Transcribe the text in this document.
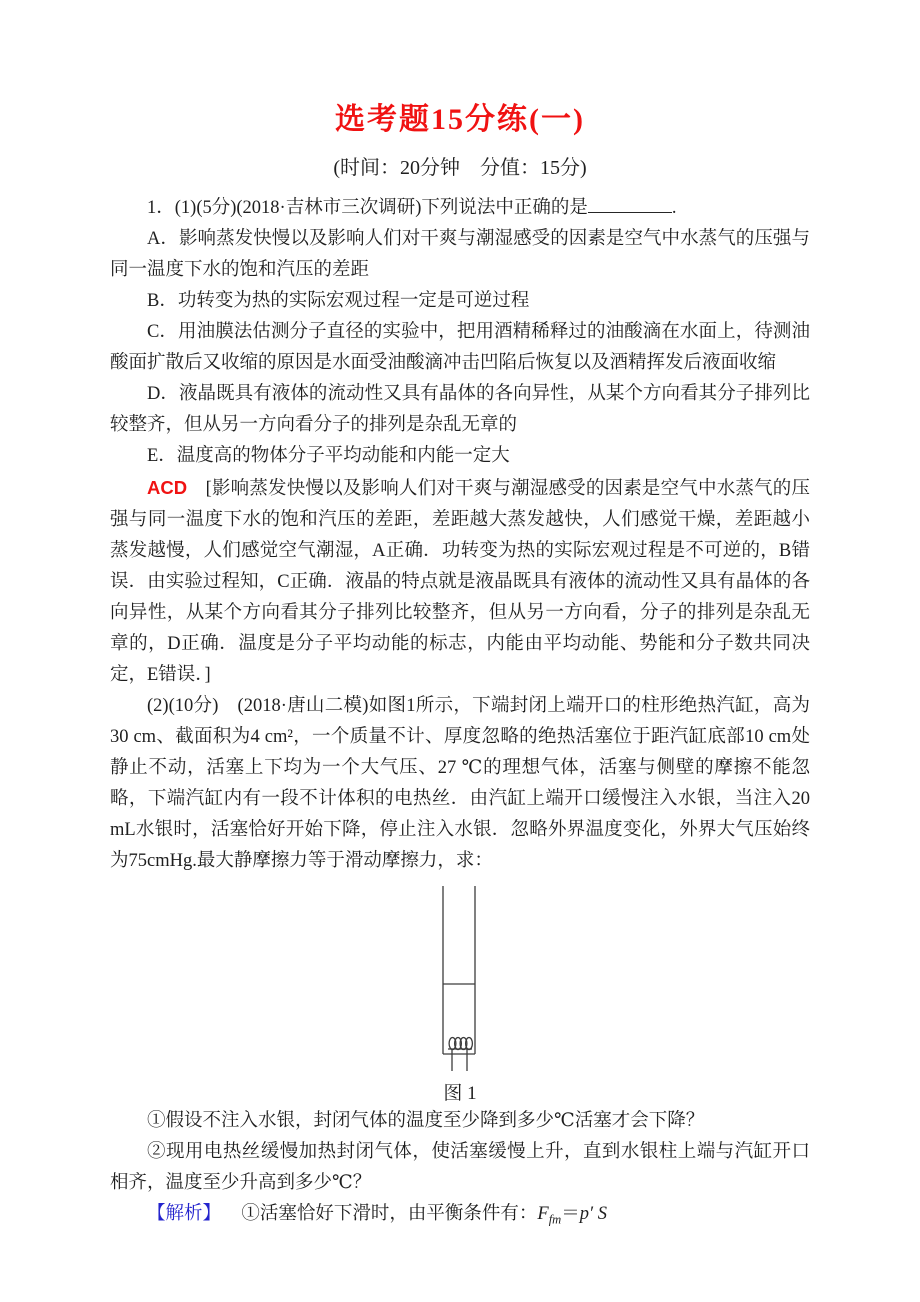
选考题15分练(一)
(时间：20分钟　分值：15分)

1．(1)(5分)(2018·吉林市三次调研)下列说法中正确的是	.

A．影响蒸发快慢以及影响人们对干爽与潮湿感受的因素是空气中水蒸气的压强与同一温度下水的饱和汽压的差距

B．功转变为热的实际宏观过程一定是可逆过程

C．用油膜法估测分子直径的实验中，把用酒精稀释过的油酸滴在水面上，待测油酸面扩散后又收缩的原因是水面受油酸滴冲击凹陷后恢复以及酒精挥发后液面收缩

D．液晶既具有液体的流动性又具有晶体的各向异性，从某个方向看其分子排列比较整齐，但从另一方向看分子的排列是杂乱无章的

E．温度高的物体分子平均动能和内能一定大

ACD [影响蒸发快慢以及影响人们对干爽与潮湿感受的因素是空气中水蒸气的压强与同一温度下水的饱和汽压的差距，差距越大蒸发越快，人们感觉干燥，差距越小蒸发越慢，人们感觉空气潮湿，A正确．功转变为热的实际宏观过程是不可逆的，B错误．由实验过程知，C正确．液晶的特点就是液晶既具有液体的流动性又具有晶体的各向异性，从某个方向看其分子排列比较整齐，但从另一方向看，分子的排列是杂乱无章的，D正确．温度是分子平均动能的标志，内能由平均动能、势能和分子数共同决定，E错误．]

(2)(10分)　(2018·唐山二模)如图1所示，下端封闭上端开口的柱形绝热汽缸，高为30 cm、截面积为4 cm²，一个质量不计、厚度忽略的绝热活塞位于距汽缸底部10 cm处静止不动，活塞上下均为一个大气压、27 ℃的理想气体，活塞与侧壁的摩擦不能忽略，下端汽缸内有一段不计体积的电热丝．由汽缸上端开口缓慢注入水银，当注入20 mL水银时，活塞恰好开始下降，停止注入水银．忽略外界温度变化，外界大气压始终为75cmHg.最大静摩擦力等于滑动摩擦力，求：

图 1

①假设不注入水银，封闭气体的温度至少降到多少℃活塞才会下降？

②现用电热丝缓慢加热封闭气体，使活塞缓慢上升，直到水银柱上端与汽缸开口相齐，温度至少升高到多少℃？

【解析】 ①活塞恰好下滑时，由平衡条件有：$F_{fm}=p'$ S
